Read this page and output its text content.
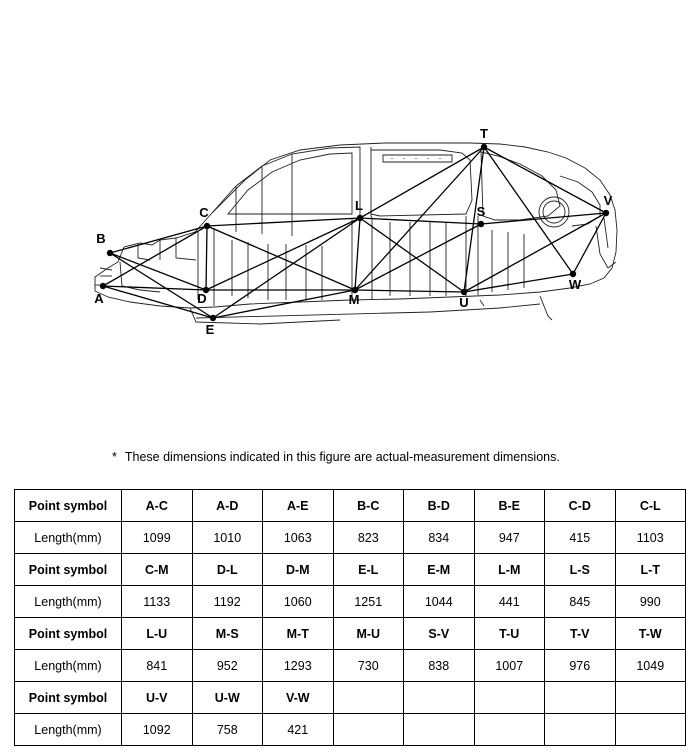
A
B
C
D
E
L
M
S
T
U
V
W
* These dimensions indicated in this figure are actual-measurement dimensions.
Point symbol	A-C	A-D	A-E	B-C	B-D	B-E	C-D	C-L
Length(mm)	1099	1010	1063	823	834	947	415	1103
Point symbol	C-M	D-L	D-M	E-L	E-M	L-M	L-S	L-T
Length(mm)	1133	1192	1060	1251	1044	441	845	990
Point symbol	L-U	M-S	M-T	M-U	S-V	T-U	T-V	T-W
Length(mm)	841	952	1293	730	838	1007	976	1049
Point symbol	U-V	U-W	V-W					
Length(mm)	1092	758	421					
